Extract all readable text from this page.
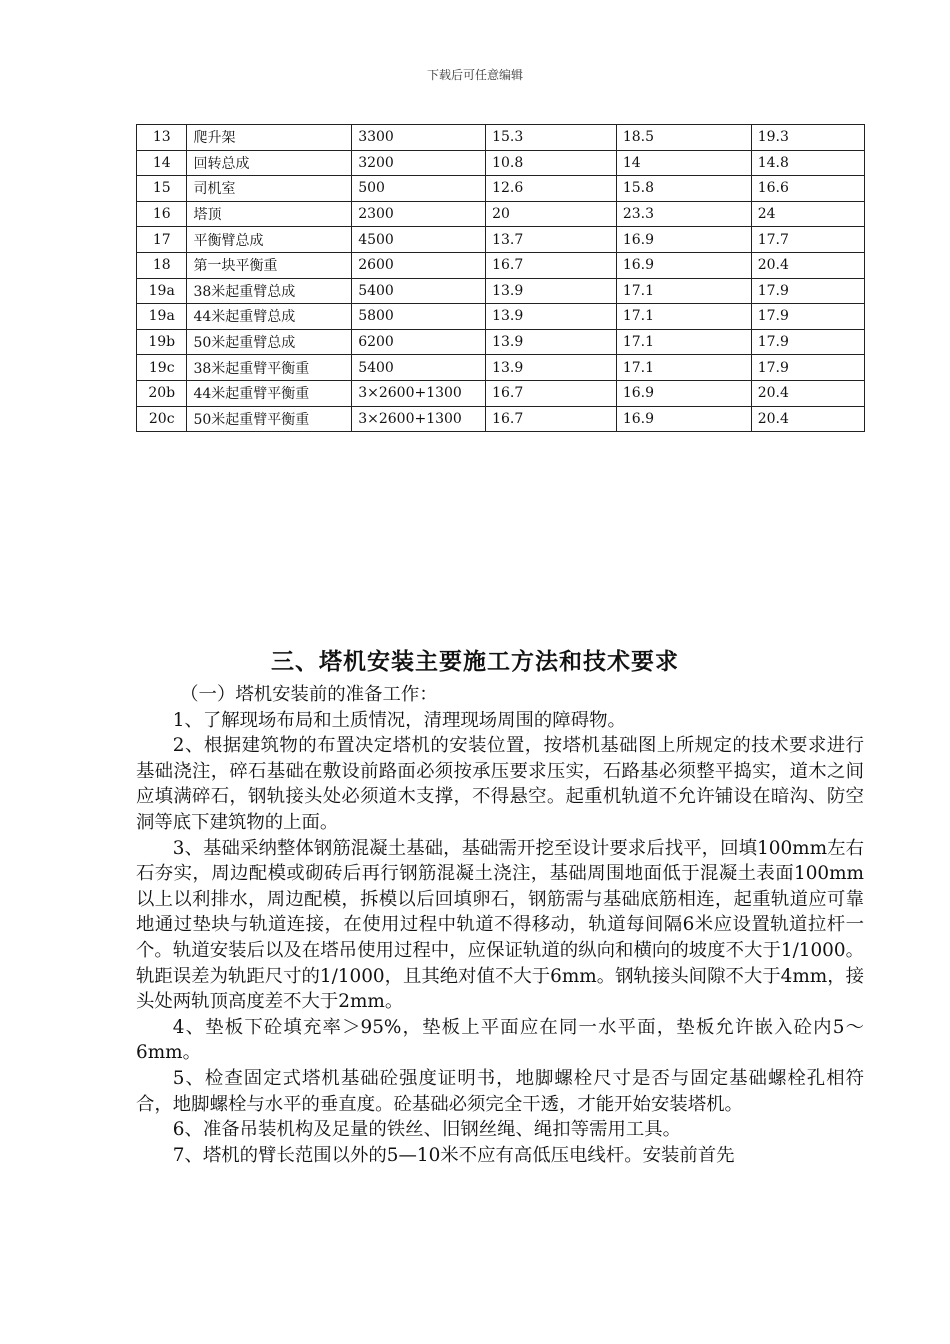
下载后可任意编辑
13	爬升架	3300	15.3	18.5	19.3
14	回转总成	3200	10.8	14	14.8
15	司机室	500	12.6	15.8	16.6
16	塔顶	2300	20	23.3	24
17	平衡臂总成	4500	13.7	16.9	17.7
18	第一块平衡重	2600	16.7	16.9	20.4
19a	38米起重臂总成	5400	13.9	17.1	17.9
19a	44米起重臂总成	5800	13.9	17.1	17.9
19b	50米起重臂总成	6200	13.9	17.1	17.9
19c	38米起重臂平衡重	5400	13.9	17.1	17.9
20b	44米起重臂平衡重	3×2600+1300	16.7	16.9	20.4
20c	50米起重臂平衡重	3×2600+1300	16.7	16.9	20.4
三、塔机安装主要施工方法和技术要求

（一）塔机安装前的准备工作：

1、了解现场布局和土质情况，清理现场周围的障碍物。

2、根据建筑物的布置决定塔机的安装位置，按塔机基础图上所规定的技术要求进行基础浇注，碎石基础在敷设前路面必须按承压要求压实，石路基必须整平捣实，道木之间应填满碎石，钢轨接头处必须道木支撑，不得悬空。起重机轨道不允许铺设在暗沟、防空洞等底下建筑物的上面。

3、基础采纳整体钢筋混凝土基础，基础需开挖至设计要求后找平，回填100mm左右石夯实，周边配模或砌砖后再行钢筋混凝土浇注，基础周围地面低于混凝土表面100mm以上以利排水，周边配模，拆模以后回填卵石，钢筋需与基础底筋相连，起重轨道应可靠地通过垫块与轨道连接，在使用过程中轨道不得移动，轨道每间隔6米应设置轨道拉杆一个。轨道安装后以及在塔吊使用过程中，应保证轨道的纵向和横向的坡度不大于1/1000。轨距误差为轨距尺寸的1/1000，且其绝对值不大于6mm。钢轨接头间隙不大于4mm，接头处两轨顶高度差不大于2mm。

4、垫板下砼填充率＞95%，垫板上平面应在同一水平面，垫板允许嵌入砼内5～6mm。

5、检查固定式塔机基础砼强度证明书，地脚螺栓尺寸是否与固定基础螺栓孔相符合，地脚螺栓与水平的垂直度。砼基础必须完全干透，才能开始安装塔机。

6、准备吊装机构及足量的铁丝、旧钢丝绳、绳扣等需用工具。

7、塔机的臂长范围以外的5—10米不应有高低压电线杆。安装前首先
